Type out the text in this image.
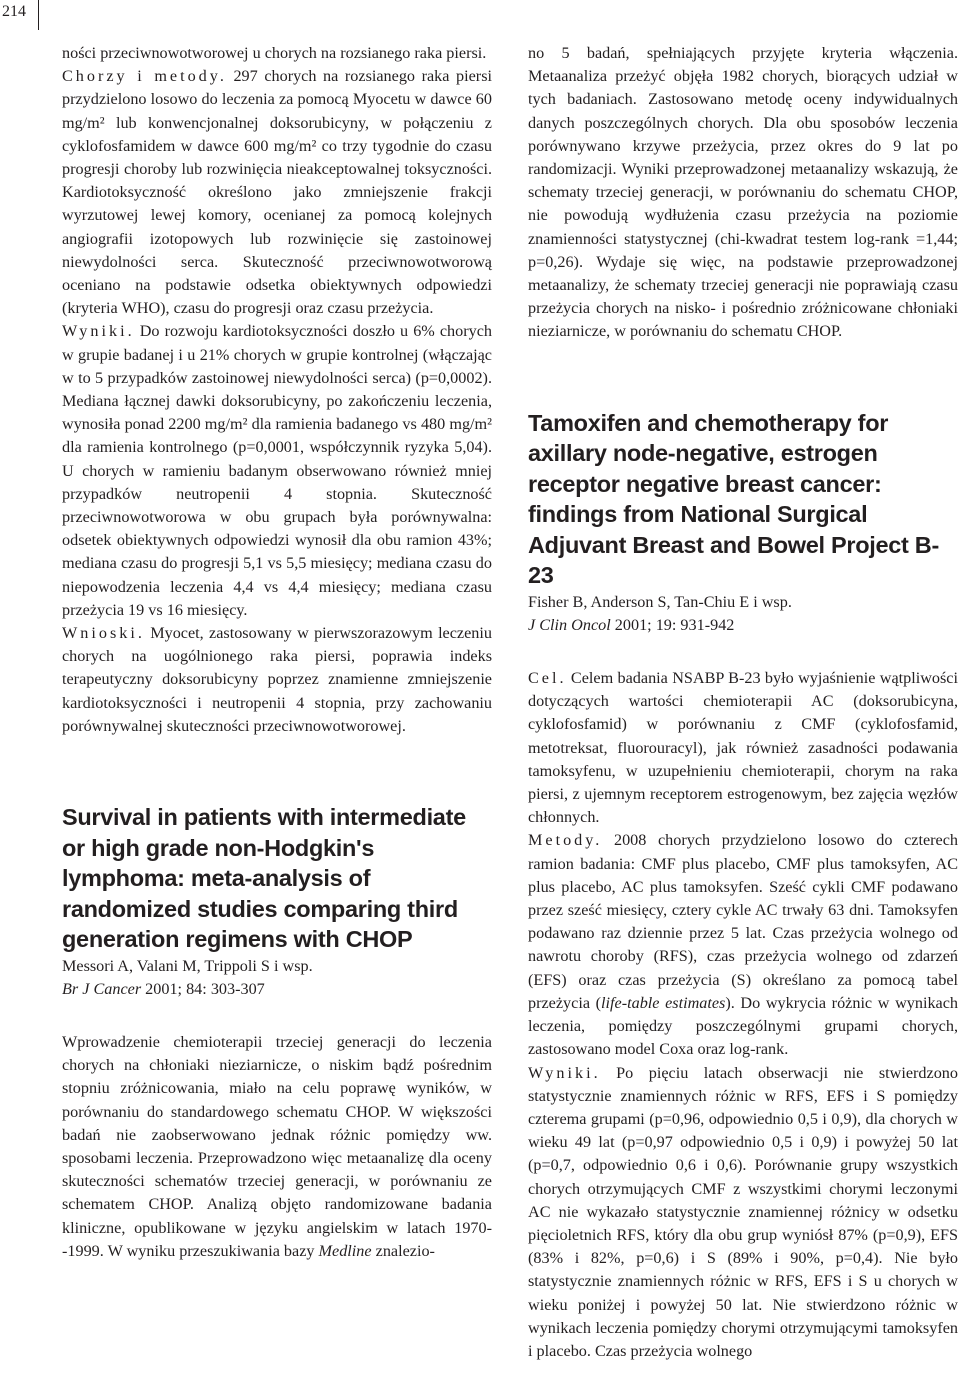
214

ności przeciwnowotworowej u chorych na rozsianego raka piersi.

Chorzy i metody. 297 chorych na rozsianego raka piersi przydzielono losowo do leczenia za pomocą Myocetu w dawce 60 mg/m² lub konwencjonalnej doksorubicyny, w połączeniu z cyklofosfamidem w dawce 600 mg/m² co trzy tygodnie do czasu progresji choroby lub rozwinięcia nieakceptowalnej toksyczności. Kardiotoksyczność określono jako zmniejszenie frakcji wyrzutowej lewej komory, ocenianej za pomocą kolejnych angiografii izotopowych lub rozwinięcie się zastoinowej niewydolności serca. Skuteczność przeciwnowotworową oceniano na podstawie odsetka obiektywnych odpowiedzi (kryteria WHO), czasu do progresji oraz czasu przeżycia.

Wyniki. Do rozwoju kardiotoksyczności doszło u 6% chorych w grupie badanej i u 21% chorych w grupie kontrolnej (włączając w to 5 przypadków zastoinowej niewydolności serca) (p=0,0002). Mediana łącznej dawki doksorubicyny, po zakończeniu leczenia, wynosiła ponad 2200 mg/m² dla ramienia badanego vs 480 mg/m² dla ramienia kontrolnego (p=0,0001, współczynnik ryzyka 5,04). U chorych w ramieniu badanym obserwowano również mniej przypadków neutropenii 4 stopnia. Skuteczność przeciwnowotworowa w obu grupach była porównywalna: odsetek obiektywnych odpowiedzi wynosił dla obu ramion 43%; mediana czasu do progresji 5,1 vs 5,5 miesięcy; mediana czasu do niepowodzenia leczenia 4,4 vs 4,4 miesięcy; mediana czasu przeżycia 19 vs 16 miesięcy.

Wnioski. Myocet, zastosowany w pierwszorazowym leczeniu chorych na uogólnionego raka piersi, poprawia indeks terapeutyczny doksorubicyny poprzez znamienne zmniejszenie kardiotoksyczności i neutropenii 4 stopnia, przy zachowaniu porównywalnej skuteczności przeciwnowotworowej.

Survival in patients with intermediate or high grade non-Hodgkin's lymphoma: meta-analysis of randomized studies comparing third generation regimens with CHOP

Messori A, Valani M, Trippoli S i wsp.

Br J Cancer 2001; 84: 303-307

Wprowadzenie chemioterapii trzeciej generacji do leczenia chorych na chłoniaki nieziarnicze, o niskim bądź pośrednim stopniu zróżnicowania, miało na celu poprawę wyników, w porównaniu do standardowego schematu CHOP. W większości badań nie zaobserwowano jednak różnic pomiędzy ww. sposobami leczenia. Przeprowadzono więc metaanalizę dla oceny skuteczności schematów trzeciej generacji, w porównaniu ze schematem CHOP. Analizą objęto randomizowane badania kliniczne, opublikowane w języku angielskim w latach 1970--1999. W wyniku przeszukiwania bazy Medline znalezio-

no 5 badań, spełniających przyjęte kryteria włączenia. Metaanaliza przeżyć objęła 1982 chorych, biorących udział w tych badaniach. Zastosowano metodę oceny indywidualnych danych poszczególnych chorych. Dla obu sposobów leczenia porównywano krzywe przeżycia, przez okres do 9 lat po randomizacji. Wyniki przeprowadzonej metaanalizy wskazują, że schematy trzeciej generacji, w porównaniu do schematu CHOP, nie powodują wydłużenia czasu przeżycia na poziomie znamienności statystycznej (chi-kwadrat testem log-rank =1,44; p=0,26). Wydaje się więc, na podstawie przeprowadzonej metaanalizy, że schematy trzeciej generacji nie poprawiają czasu przeżycia chorych na nisko- i pośrednio zróżnicowane chłoniaki nieziarnicze, w porównaniu do schematu CHOP.

Tamoxifen and chemotherapy for axillary node-negative, estrogen receptor negative breast cancer: findings from National Surgical Adjuvant Breast and Bowel Project B-23

Fisher B, Anderson S, Tan-Chiu E i wsp.

J Clin Oncol 2001; 19: 931-942

Cel. Celem badania NSABP B-23 było wyjaśnienie wątpliwości dotyczących wartości chemioterapii AC (doksorubicyna, cyklofosfamid) w porównaniu z CMF (cyklofosfamid, metotreksat, fluorouracyl), jak również zasadności podawania tamoksyfenu, w uzupełnieniu chemioterapii, chorym na raka piersi, z ujemnym receptorem estrogenowym, bez zajęcia węzłów chłonnych.

Metody. 2008 chorych przydzielono losowo do czterech ramion badania: CMF plus placebo, CMF plus tamoksyfen, AC plus placebo, AC plus tamoksyfen. Sześć cykli CMF podawano przez sześć miesięcy, cztery cykle AC trwały 63 dni. Tamoksyfen podawano raz dziennie przez 5 lat. Czas przeżycia wolnego od nawrotu choroby (RFS), czas przeżycia wolnego od zdarzeń (EFS) oraz czas przeżycia (S) określano za pomocą tabel przeżycia (life-table estimates). Do wykrycia różnic w wynikach leczenia, pomiędzy poszczególnymi grupami chorych, zastosowano model Coxa oraz log-rank.

Wyniki. Po pięciu latach obserwacji nie stwierdzono statystycznie znamiennych różnic w RFS, EFS i S pomiędzy czterema grupami (p=0,96, odpowiednio 0,5 i 0,9), dla chorych w wieku 49 lat (p=0,97 odpowiednio 0,5 i 0,9) i powyżej 50 lat (p=0,7, odpowiednio 0,6 i 0,6). Porównanie grupy wszystkich chorych otrzymujących CMF z wszystkimi chorymi leczonymi AC nie wykazało statystycznie znamiennej różnicy w odsetku pięcioletnich RFS, który dla obu grup wyniósł 87% (p=0,9), EFS (83% i 82%, p=0,6) i S (89% i 90%, p=0,4). Nie było statystycznie znamiennych różnic w RFS, EFS i S u chorych w wieku poniżej i powyżej 50 lat. Nie stwierdzono różnic w wynikach leczenia pomiędzy chorymi otrzymującymi tamoksyfen i placebo. Czas przeżycia wolnego
